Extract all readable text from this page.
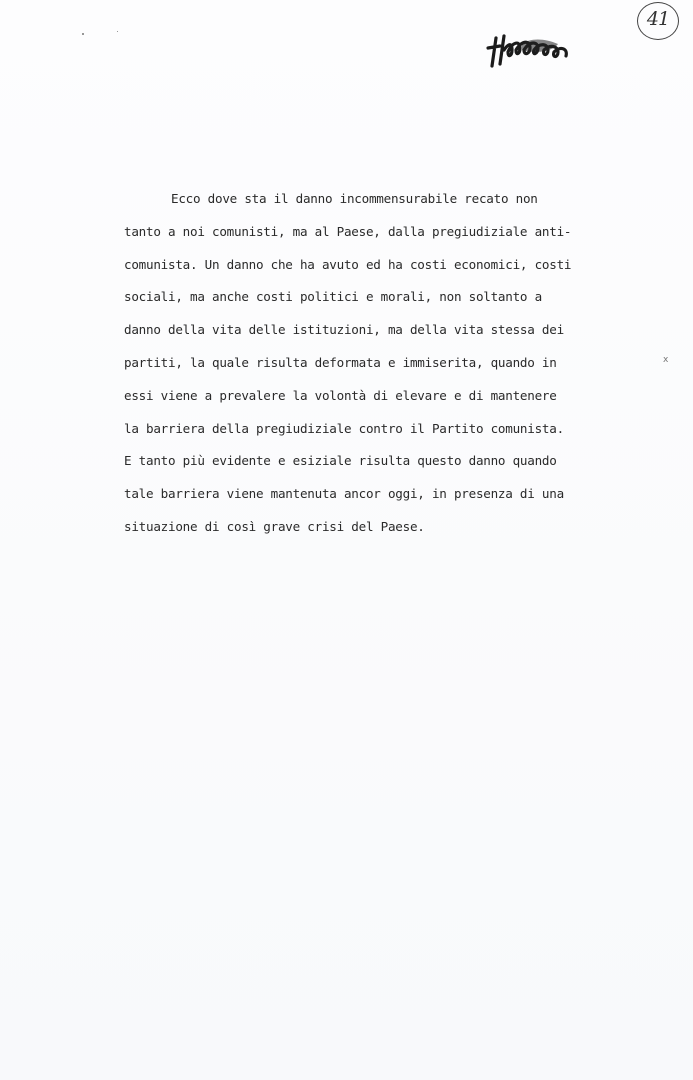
41
Ecco dove sta il danno incommensurabile recato non
tanto a noi comunisti, ma al Paese, dalla pregiudiziale anti-
comunista. Un danno che ha avuto ed ha costi economici, costi
sociali, ma anche costi politici e morali, non soltanto a
danno della vita delle istituzioni, ma della vita stessa dei
partiti, la quale risulta deformata e immiserita, quando in
essi viene a prevalere la volontà di elevare e di mantenere
la barriera della pregiudiziale contro il Partito comunista.
E tanto più evidente e esiziale risulta questo danno quando
tale barriera viene mantenuta ancor oggi, in presenza di una
situazione di così grave crisi del Paese.
x
